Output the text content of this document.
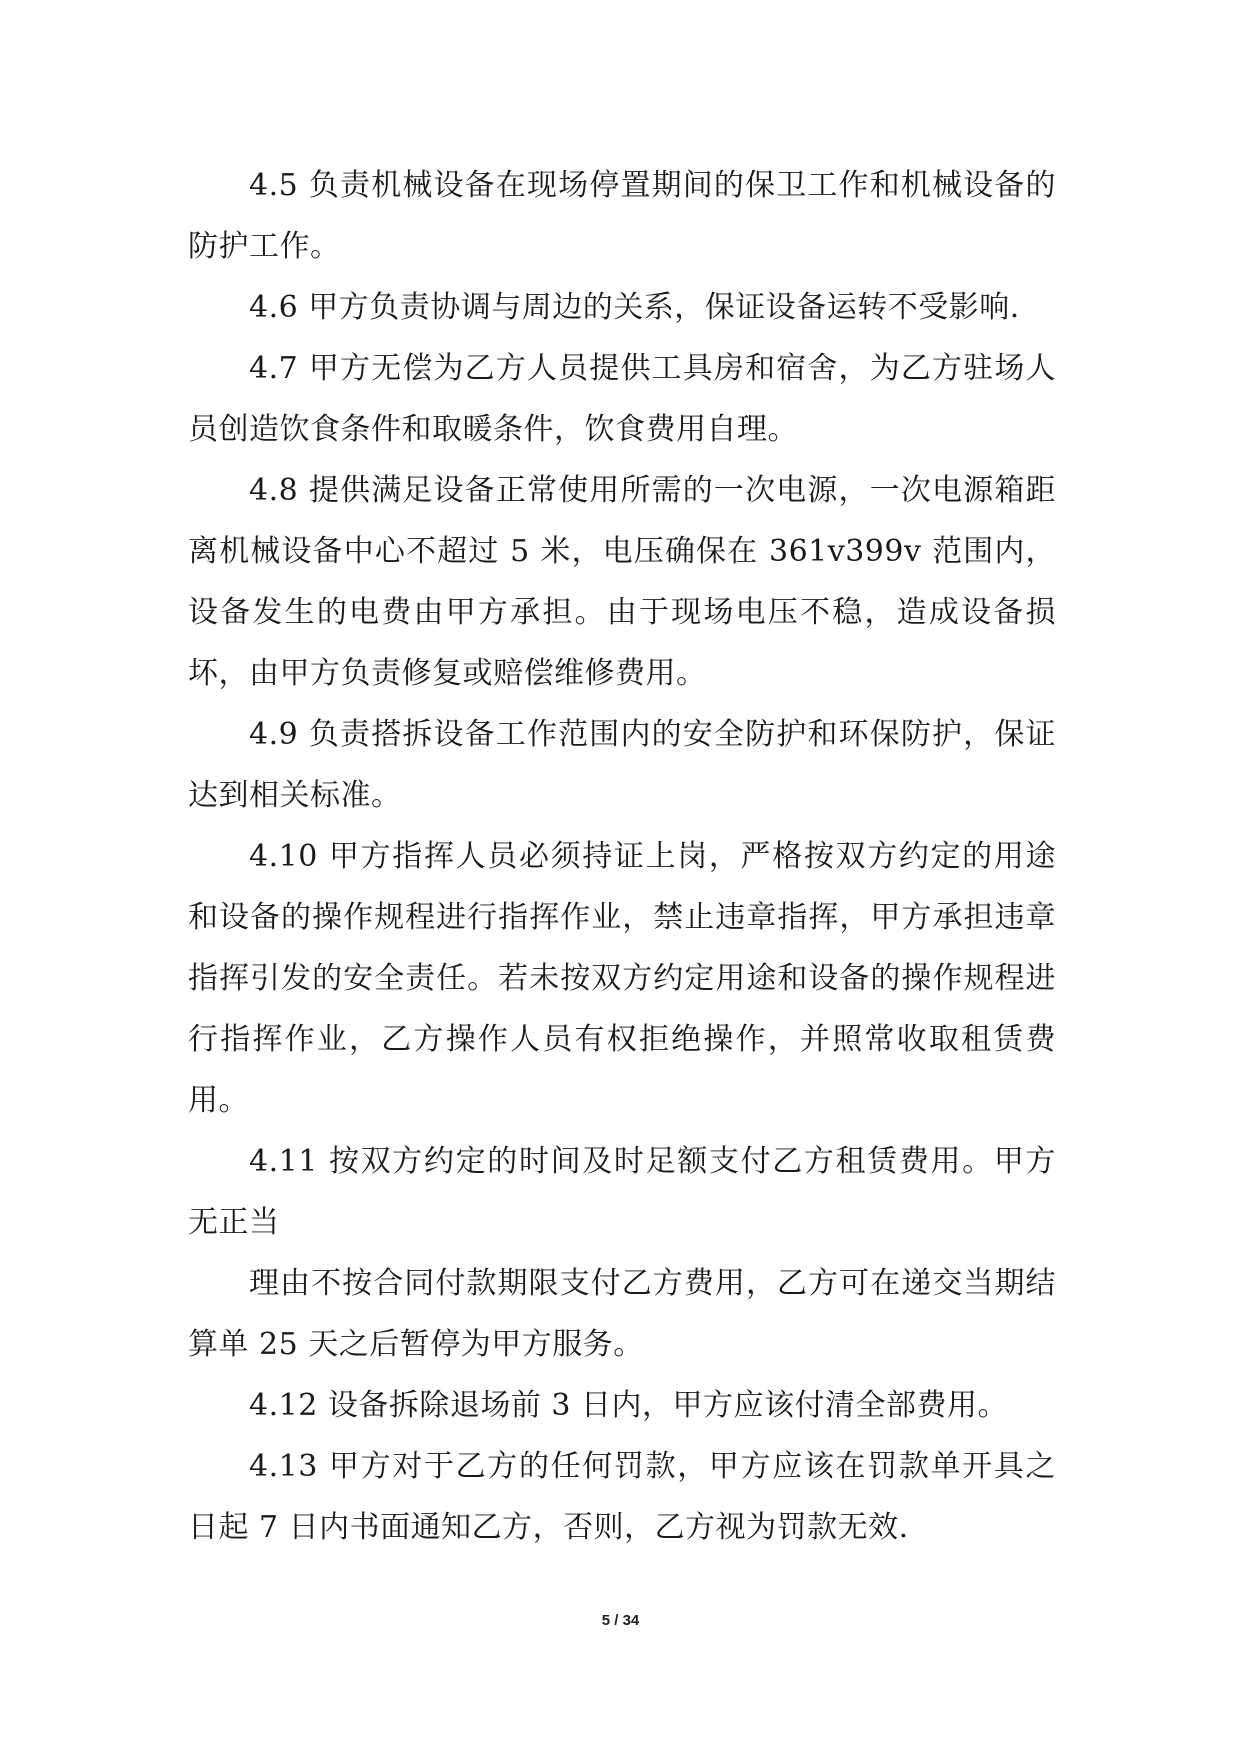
4.5 负责机械设备在现场停置期间的保卫工作和机械设备的防护工作。

4.6 甲方负责协调与周边的关系，保证设备运转不受影响.

4.7 甲方无偿为乙方人员提供工具房和宿舍，为乙方驻场人员创造饮食条件和取暖条件，饮食费用自理。

4.8 提供满足设备正常使用所需的一次电源，一次电源箱距离机械设备中心不超过 5 米，电压确保在 361v399v 范围内，设备发生的电费由甲方承担。由于现场电压不稳，造成设备损坏，由甲方负责修复或赔偿维修费用。

4.9 负责搭拆设备工作范围内的安全防护和环保防护，保证达到相关标准。

4.10 甲方指挥人员必须持证上岗，严格按双方约定的用途和设备的操作规程进行指挥作业，禁止违章指挥，甲方承担违章指挥引发的安全责任。若未按双方约定用途和设备的操作规程进行指挥作业，乙方操作人员有权拒绝操作，并照常收取租赁费用。

4.11 按双方约定的时间及时足额支付乙方租赁费用。甲方无正当

理由不按合同付款期限支付乙方费用，乙方可在递交当期结算单 25 天之后暂停为甲方服务。

4.12 设备拆除退场前 3 日内，甲方应该付清全部费用。

4.13 甲方对于乙方的任何罚款，甲方应该在罚款单开具之日起 7 日内书面通知乙方，否则，乙方视为罚款无效.

5 / 34
